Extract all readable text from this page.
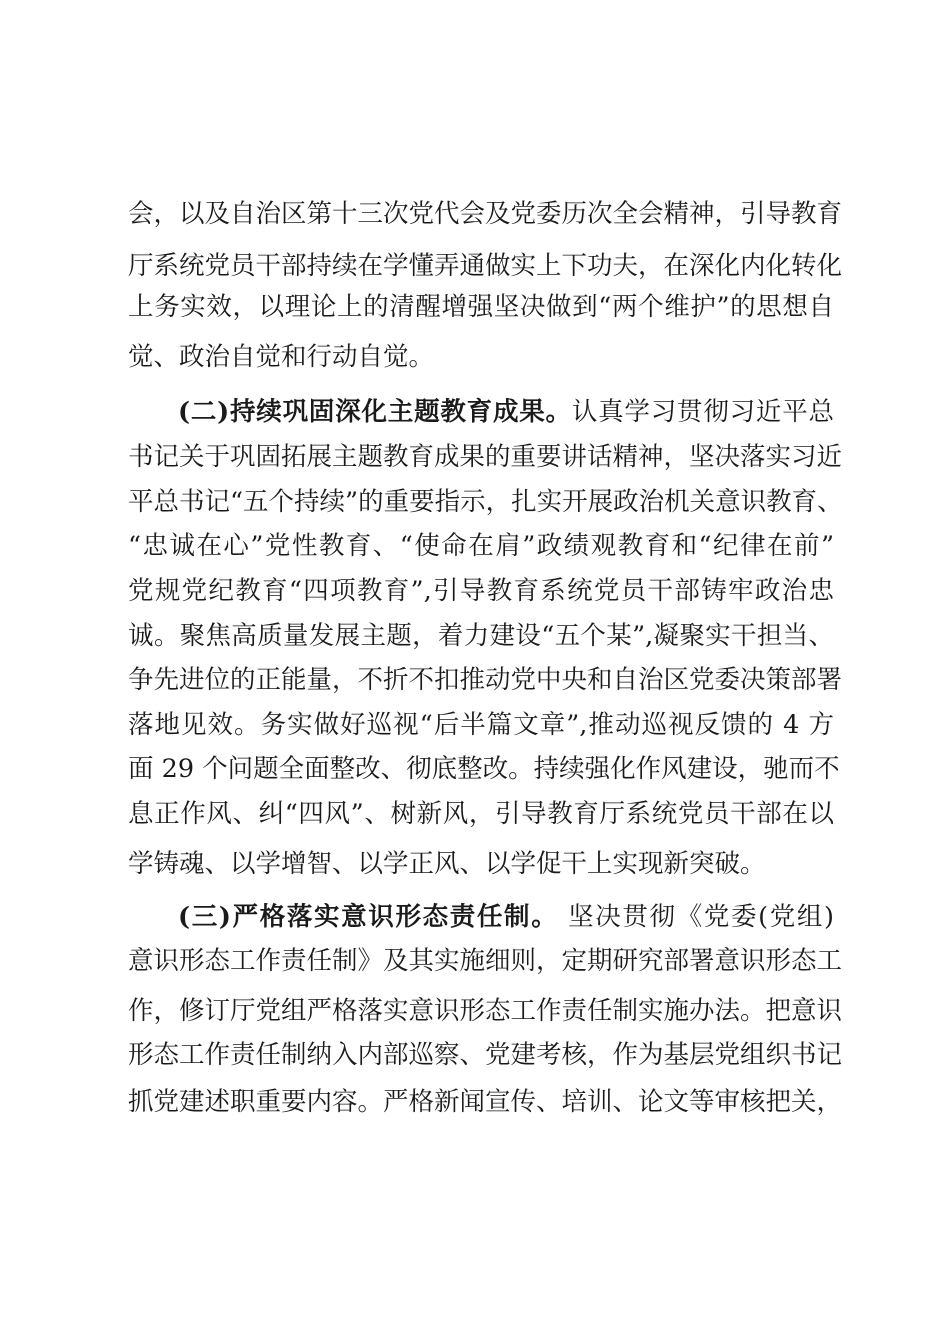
会，以及自治区第十三次党代会及党委历次全会精神，引导教育
厅系统党员干部持续在学懂弄通做实上下功夫，在深化内化转化
上务实效，以理论上的清醒增强坚决做到“两个维护”的思想自
觉、政治自觉和行动自觉。
(二)持续巩固深化主题教育成果。认真学习贯彻习近平总
书记关于巩固拓展主题教育成果的重要讲话精神，坚决落实习近
平总书记“五个持续”的重要指示，扎实开展政治机关意识教育、
“忠诚在心”党性教育、“使命在肩”政绩观教育和“纪律在前”
党规党纪教育“四项教育”,引导教育系统党员干部铸牢政治忠
诚。聚焦高质量发展主题，着力建设“五个某”,凝聚实干担当、
争先进位的正能量，不折不扣推动党中央和自治区党委决策部署
落地见效。务实做好巡视“后半篇文章”,推动巡视反馈的 4 方
面 29 个问题全面整改、彻底整改。持续强化作风建设，驰而不
息正作风、纠“四风”、树新风，引导教育厅系统党员干部在以
学铸魂、以学增智、以学正风、以学促干上实现新突破。
(三)严格落实意识形态责任制。 坚决贯彻《党委(党组)
意识形态工作责任制》及其实施细则，定期研究部署意识形态工
作，修订厅党组严格落实意识形态工作责任制实施办法。把意识
形态工作责任制纳入内部巡察、党建考核，作为基层党组织书记
抓党建述职重要内容。严格新闻宣传、培训、论文等审核把关，
